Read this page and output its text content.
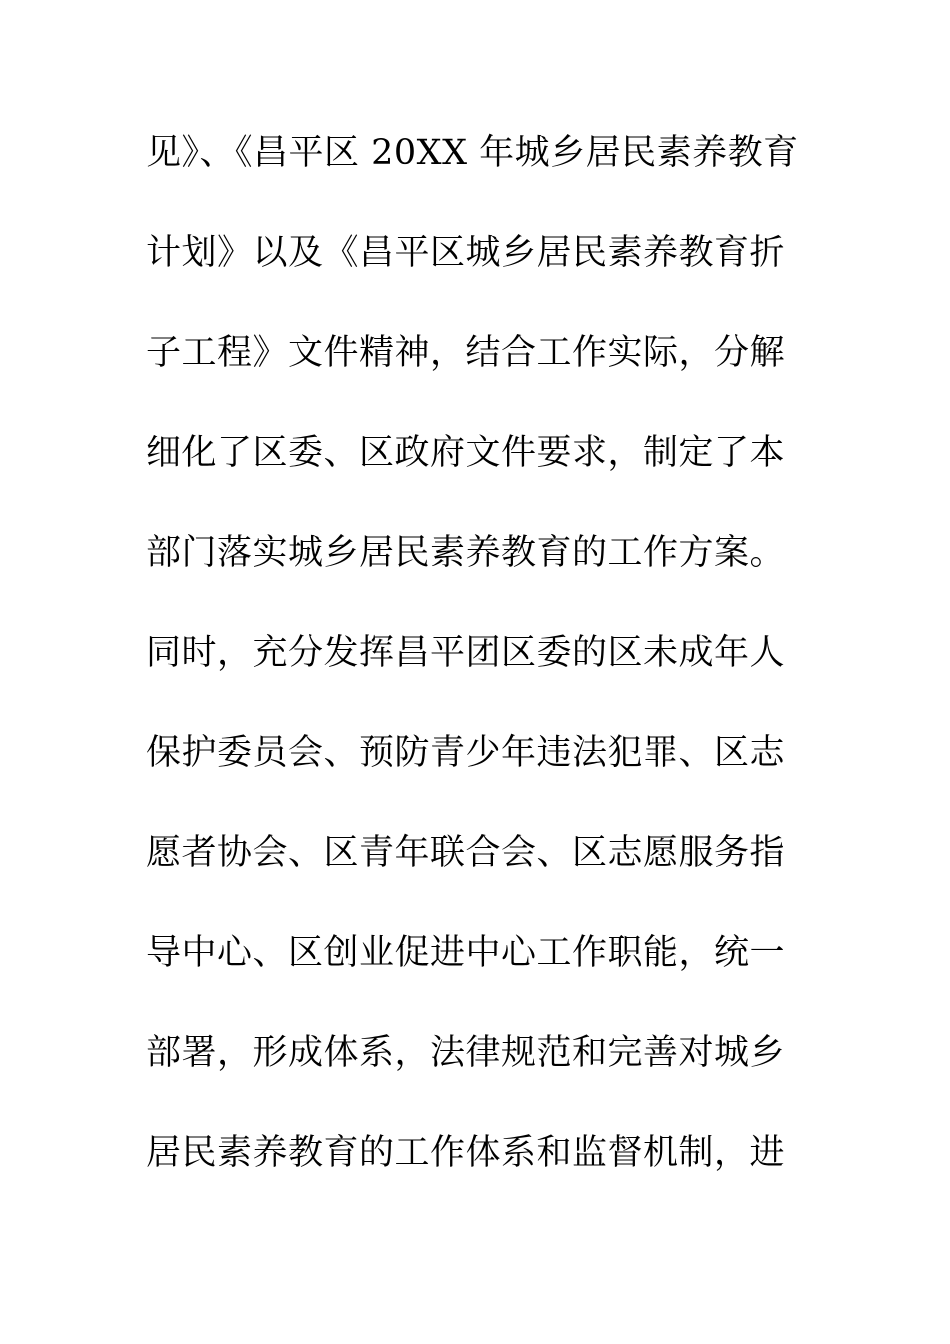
见》、《昌平区 20XX 年城乡居民素养教育
计划》以及《昌平区城乡居民素养教育折
子工程》文件精神，结合工作实际，分解
细化了区委、区政府文件要求，制定了本
部门落实城乡居民素养教育的工作方案。
同时，充分发挥昌平团区委的区未成年人
保护委员会、预防青少年违法犯罪、区志
愿者协会、区青年联合会、区志愿服务指
导中心、区创业促进中心工作职能，统一
部署，形成体系，法律规范和完善对城乡
居民素养教育的工作体系和监督机制，进
